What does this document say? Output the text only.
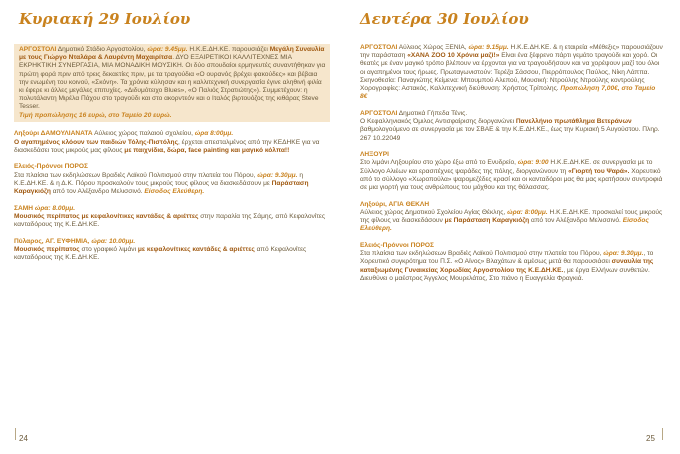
Κυριακή 29 Ιουλίου

ΑΡΓΟΣΤΟΛΙ Δημοτικό Στάδιο Αργοστολίου, ώρα: 9.45μμ. Η.Κ.Ε.ΔΗ.ΚΕ. παρουσιάζει Μεγάλη Συναυλία με τους Γιώργο Νταλάρα & Λαυρέντη Μαχαιρίτσα. ΔΥΟ ΕΞΑΙΡΕΤΙΚΟΙ ΚΑΛΛΙΤΕΧΝΕΣ ΜΙΑ ΕΚΡΗΚΤΙΚΗ ΣΥΝΕΡΓΑΣΙΑ, ΜΙΑ ΜΟΝΑΔΙΚΗ ΜΟΥΣΙΚΗ. Οι δύο σπουδαίοι ερμηνευτές συναντήθηκαν για πρώτη φορά πριν από τρεις δεκαετίες πριν, με τα τραγούδια «Ο ουρανός βρέχει φακούδες» και βέβαια την ενωμένη του κοινού, «Σκόνη». Τα χρόνια κύλησαν και η καλλιτεχνική συνεργασία έγινε αληθινή φιλία κι έφερε κι άλλες μεγάλες επιτυχίες. «Διδυμότειχο Blues», «Ο Παλιός Στρατιώτης»). Συμμετέχουν: η πολυτάλαντη Μιρέλα Πάχου στο τραγούδι και στο ακορντεόν και ο Ιταλός βιρτουόζος της κιθάρας Steve Tesser.

Τιμή προπώλησης 16 ευρώ, στο Ταμείο 20 ευρώ.

Ληξούρι ΔΑΜΟΥΛΙΑΝΑΤΑ Αύλειος χώρος παλαιού σχολείου, ώρα 8:00μμ.
Ο αγαπημένος κλόουν των παιδιών Τόλης-Πιστόλης, έρχεται απεσταλμένος από την ΚΕΔΗΚΕ για να διασκεδάσει τους μικρούς μας φίλους με παιχνίδια, δώρα, face painting και μαγικό κόλπα!!

Ελειός-Πρόννοι ΠΟΡΟΣ

Στα πλαίσια των εκδηλώσεων Βραδιές Λαϊκού Πολιτισμού στην πλατεία του Πόρου, ώρα: 9.30μμ. η Κ.Ε.ΔΗ.ΚΕ. & η Δ.Κ. Πόρου προσκαλούν τους μικρούς τους φίλους να διασκεδάσουν με Παράσταση Καραγκιόζη από τον Αλέξανδρο Μελισσινό. Είσοδος Ελεύθερη.

ΣΑΜΗ ώρα: 8.00μμ.

Μουσικός περίπατος με κεφαλονίτικες καντάδες & αριέττες στην παραλία της Σάμης, από Κεφαλονίτες κανταδόρους της Κ.Ε.ΔΗ.ΚΕ.

Πύλαρος, ΑΓ. ΕΥΦΗΜΙΑ, ώρα: 10.00μμ.

Μουσικός περίπατος στο γραφικό λιμάνι με κεφαλονίτικες καντάδες & αριέττες από Κεφαλονίτες κανταδόρους της Κ.Ε.ΔΗ.ΚΕ.

24
Δευτέρα 30 Ιουλίου

ΑΡΓΟΣΤΟΛΙ Αύλειος Χώρος ΞΕΝΙΑ, ώρα: 9.15μμ. Η.Κ.Ε.ΔΗ.ΚΕ. & η εταιρεία «Μέθεξις» παρουσιάζουν την παράσταση «ΧΑΝΑ ΖΟΟ 10 Χρόνια μαζί!» Είναι ένα ξέφρενο πάρτι γεμάτο τραγούδι και χορό. Οι θεατές με έναν μαγικό τρόπο βλέπουν να έρχονται για να τραγουδήσουν και να χορέψουν μαζί του όλοι οι αγαπημένοι τους ήρωες. Πρωταγωνιστούν: Τερέζα Σάσσου, Πιερρόπουλος Παύλος, Νίκη Λάππα. Σκηνοθεσία: Παναγιώτης Κείμενα: Μπουμπού Αλεπού, Μουσική: Ντρούλης Ντρούλης κοντρούλης Χορογραφίες: Αστακός, Καλλιτεχνική διεύθυνση: Χρήστος Τρίπολης. Προπώληση 7,00€, στο Ταμείο 8€

ΑΡΓΟΣΤΟΛΙ Δημοτικά Γήπεδα Τένις.
Ο Κεφαλληνιακός Όμιλος Αντισφαίρισης διοργανώνει Πανελλήνιο πρωτάθλημα Βετεράνων βαθμολογούμενο σε συνεργασία με τον ΣΒΑΕ & την Κ.Ε.ΔΗ.ΚΕ., έως την Κυριακή 5 Αυγούστου. Πληρ. 267 10.22049

ΛΗΞΟΥΡΙ

Στο λιμάνι Ληξουρίου στο χώρο έξω από το Ενυδρείο, ώρα: 9:00 Η.Κ.Ε.ΔΗ.ΚΕ. σε συνεργασία με το Σύλλογο Αλιέων και ερασιτέχνες ψαράδες της πόλης, διοργανώνουν τη «Γιορτή του Ψαρά». Χορευτικό από το σύλλογο «Χωροπούλα» ψαρομεζέδες κρασί και οι κανταδόροι μας θα μας κρατήσουν συντροφιά σε μια γιορτή για τους ανθρώπους του μόχθου και της θάλασσας.

Ληξούρι, ΑΓΙΑ ΘΕΚΛΗ

Αύλειος χώρος Δημοτικού Σχολείου Αγίας Θέκλης, ώρα: 8:00μμ. Η.Κ.Ε.ΔΗ.ΚΕ. προσκαλεί τους μικρούς της φίλους να διασκεδάσουν με Παράσταση Καραγκιόζη από τον Αλέξανδρο Μελισσινό. Είσοδος Ελεύθερη.

Ελειός-Πρόννοι ΠΟΡΟΣ

Στα πλαίσια των εκδηλώσεων Βραδιές Λαϊκού Πολιτισμού στην πλατεία του Πόρου, ώρα: 9.30μμ., το Χορευτικό συγκρότημα του Π.Σ. «Ο Αίνος» Βλαχάτων & αμέσως μετά θα παρουσιάσει συναυλία της καταξιωμένης Γυναικείας Χορωδίας Αργοστολίου της Κ.Ε.ΔΗ.ΚΕ., με έργα Ελλήνων συνθετών. Διευθύνει ο μαέστρος Άγγελος Μουρελάτος, Στο πιάνο η Ευαγγελία Φραγκιά.

25
